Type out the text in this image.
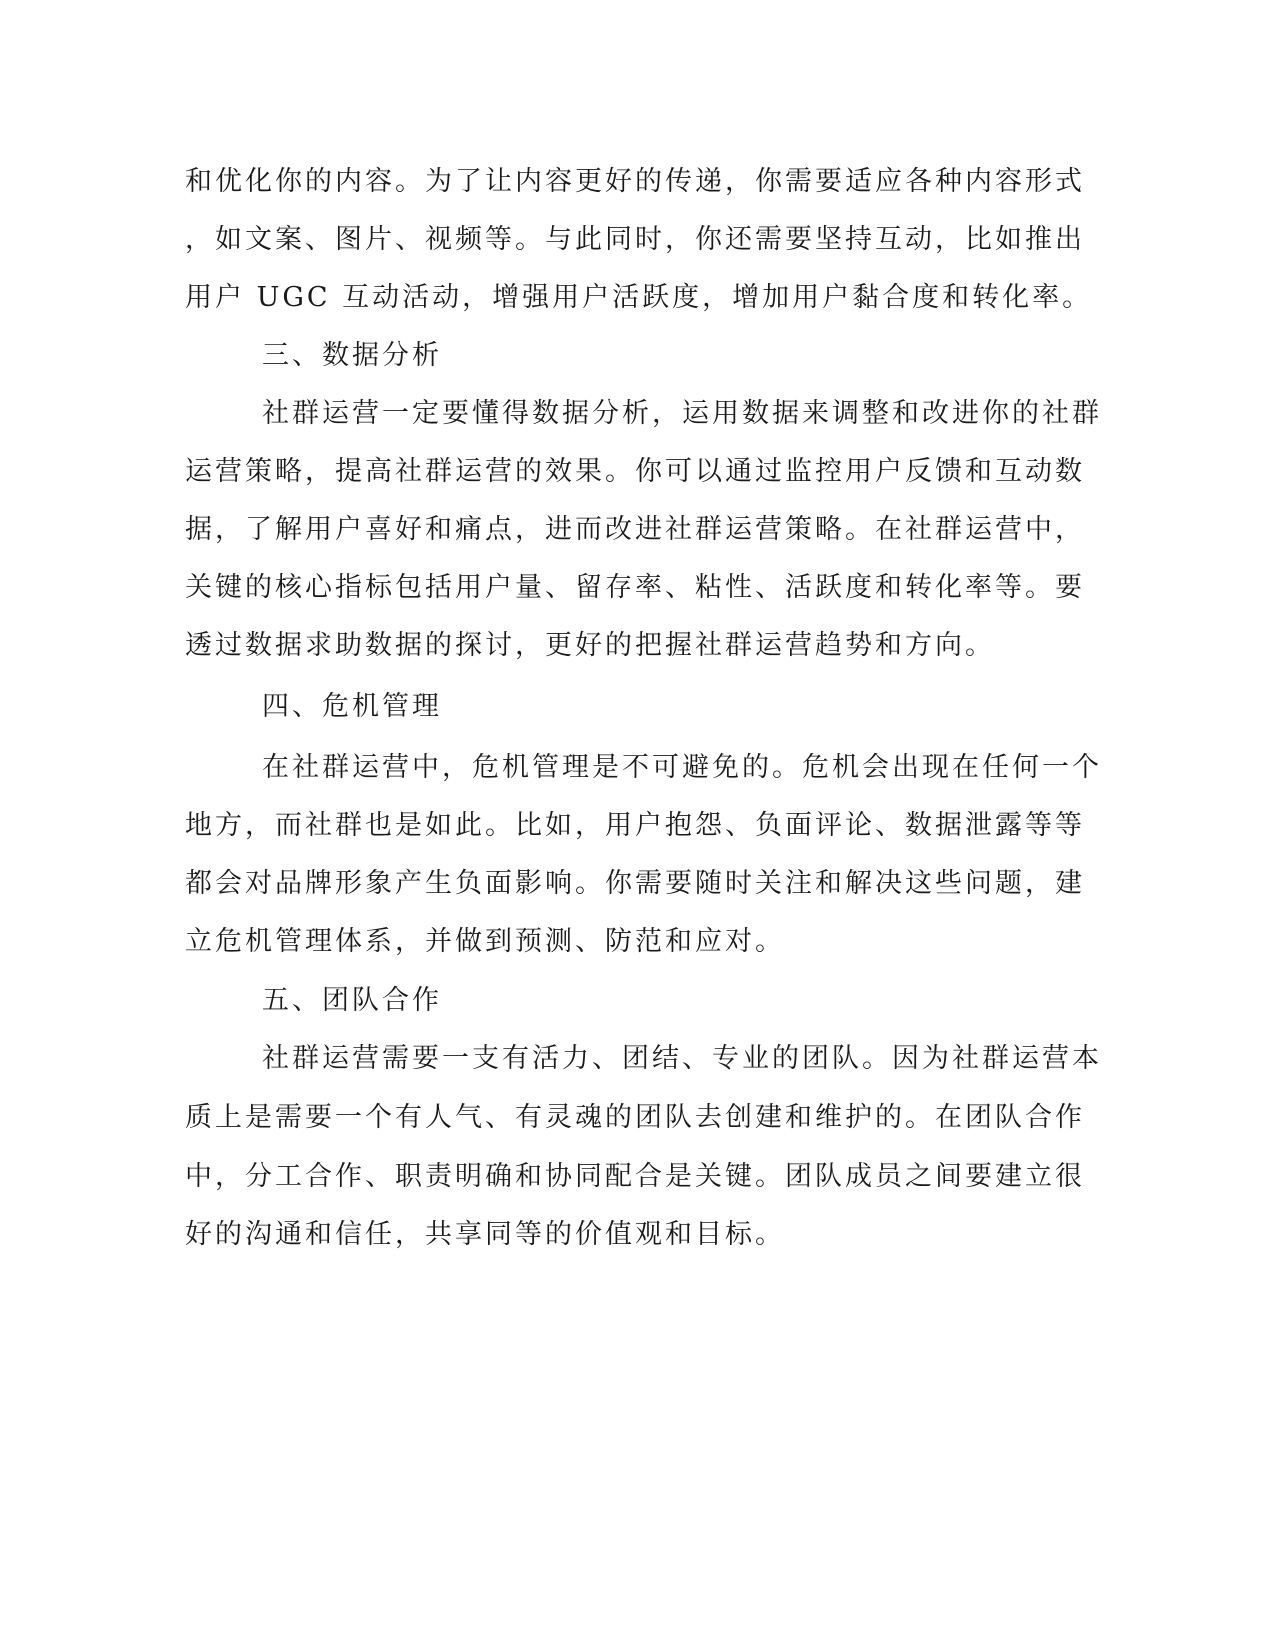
和优化你的内容。为了让内容更好的传递，你需要适应各种内容形式
，如文案、图片、视频等。与此同时，你还需要坚持互动，比如推出
用户 UGC 互动活动，增强用户活跃度，增加用户黏合度和转化率。
三、数据分析
社群运营一定要懂得数据分析，运用数据来调整和改进你的社群
运营策略，提高社群运营的效果。你可以通过监控用户反馈和互动数
据，了解用户喜好和痛点，进而改进社群运营策略。在社群运营中，
关键的核心指标包括用户量、留存率、粘性、活跃度和转化率等。要
透过数据求助数据的探讨，更好的把握社群运营趋势和方向。
四、危机管理
在社群运营中，危机管理是不可避免的。危机会出现在任何一个
地方，而社群也是如此。比如，用户抱怨、负面评论、数据泄露等等
都会对品牌形象产生负面影响。你需要随时关注和解决这些问题，建
立危机管理体系，并做到预测、防范和应对。
五、团队合作
社群运营需要一支有活力、团结、专业的团队。因为社群运营本
质上是需要一个有人气、有灵魂的团队去创建和维护的。在团队合作
中，分工合作、职责明确和协同配合是关键。团队成员之间要建立很
好的沟通和信任，共享同等的价值观和目标。
